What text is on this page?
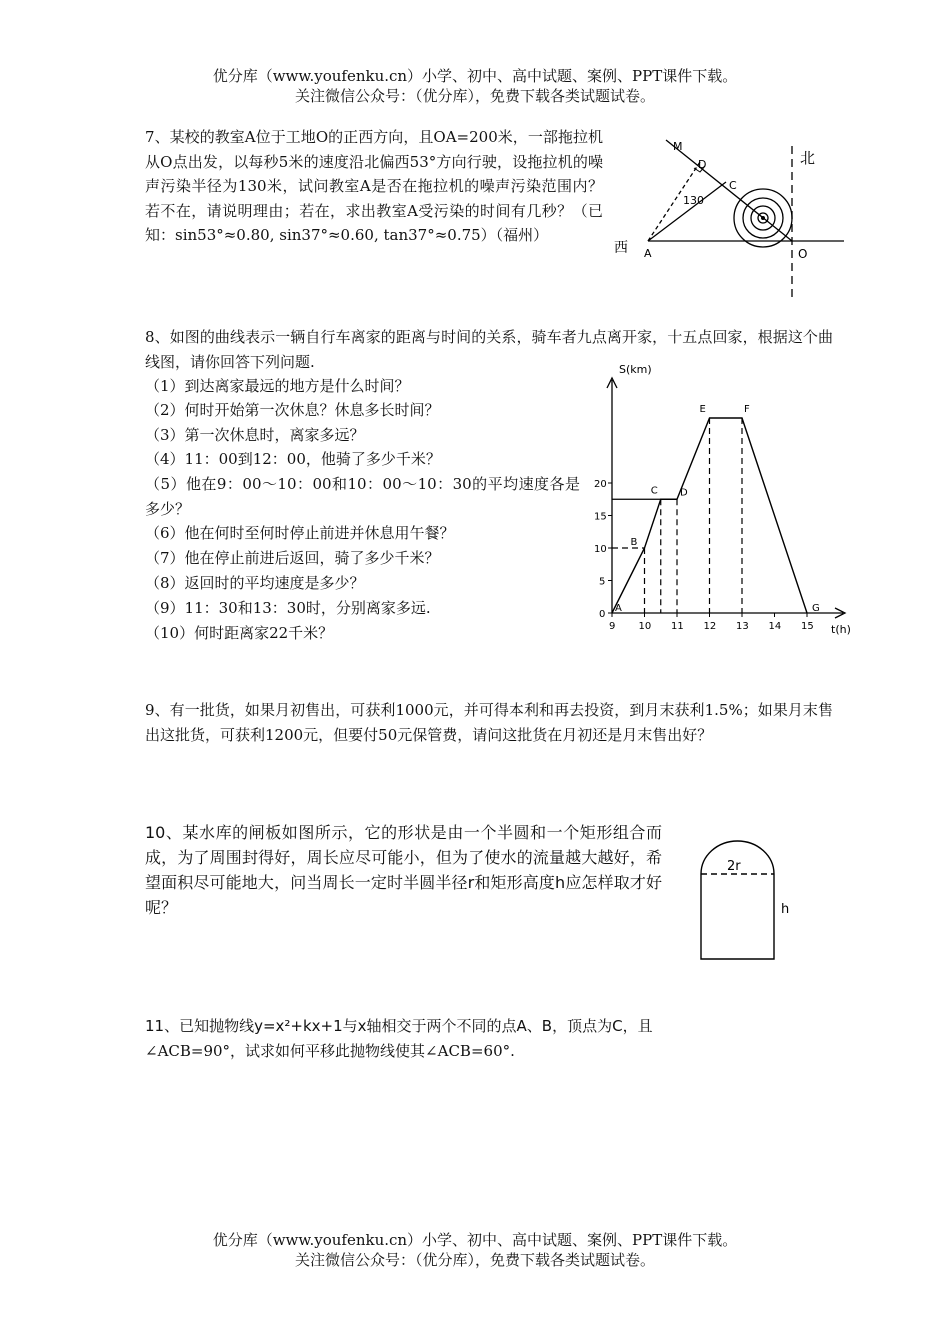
优分库（www.youfenku.cn）小学、初中、高中试题、案例、PPT课件下载。
关注微信公众号：（优分库），免费下载各类试题试卷。
7、某校的教室A位于工地O的正西方向，且OA=200米，一部拖拉机从O点出发，以每秒5米的速度沿北偏西53°方向行驶，设拖拉机的噪声污染半径为130米，试问教室A是否在拖拉机的噪声污染范围内？若不在，请说明理由；若在，求出教室A受污染的时间有几秒？（已知：sin53°≈0.80, sin37°≈0.60, tan37°≈0.75）（福州）
北
西
M
D
C
A	O
130
8、如图的曲线表示一辆自行车离家的距离与时间的关系，骑车者九点离开家，十五点回家，根据这个曲线图，请你回答下列问题.
（1）到达离家最远的地方是什么时间？
（2）何时开始第一次休息？休息多长时间？
（3）第一次休息时，离家多远？
（4）11：00到12：00，他骑了多少千米？
（5）他在9：00～10：00和10：00～10：30的平均速度各是多少？
（6）他在何时至何时停止前进并休息用午餐？
（7）他在停止前进后返回，骑了多少千米？
（8）返回时的平均速度是多少？
（9）11：30和13：30时，分别离家多远.
（10）何时距离家22千米？	9 10 11 12 13 14 15
0
5
10
15
20
A
B
C D
E	F
G
S(km)
t(h)
9、有一批货，如果月初售出，可获利1000元，并可得本利和再去投资，到月末获利1.5%；如果月末售出这批货，可获利1200元，但要付50元保管费，请问这批货在月初还是月末售出好？
10、某水库的闸板如图所示，它的形状是由一个半圆和一个矩形组合而成，为了周围封得好，周长应尽可能小，但为了使水的流量越大越好，希望面积尽可能地大，问当周长一定时半圆半径r和矩形高度h应怎样取才好呢？
2r
h
11、已知抛物线y=x²+kx+1与x轴相交于两个不同的点A、B，顶点为C，且
∠ACB=90°，试求如何平移此抛物线使其∠ACB=60°.
优分库（www.youfenku.cn）小学、初中、高中试题、案例、PPT课件下载。
关注微信公众号：（优分库），免费下载各类试题试卷。
